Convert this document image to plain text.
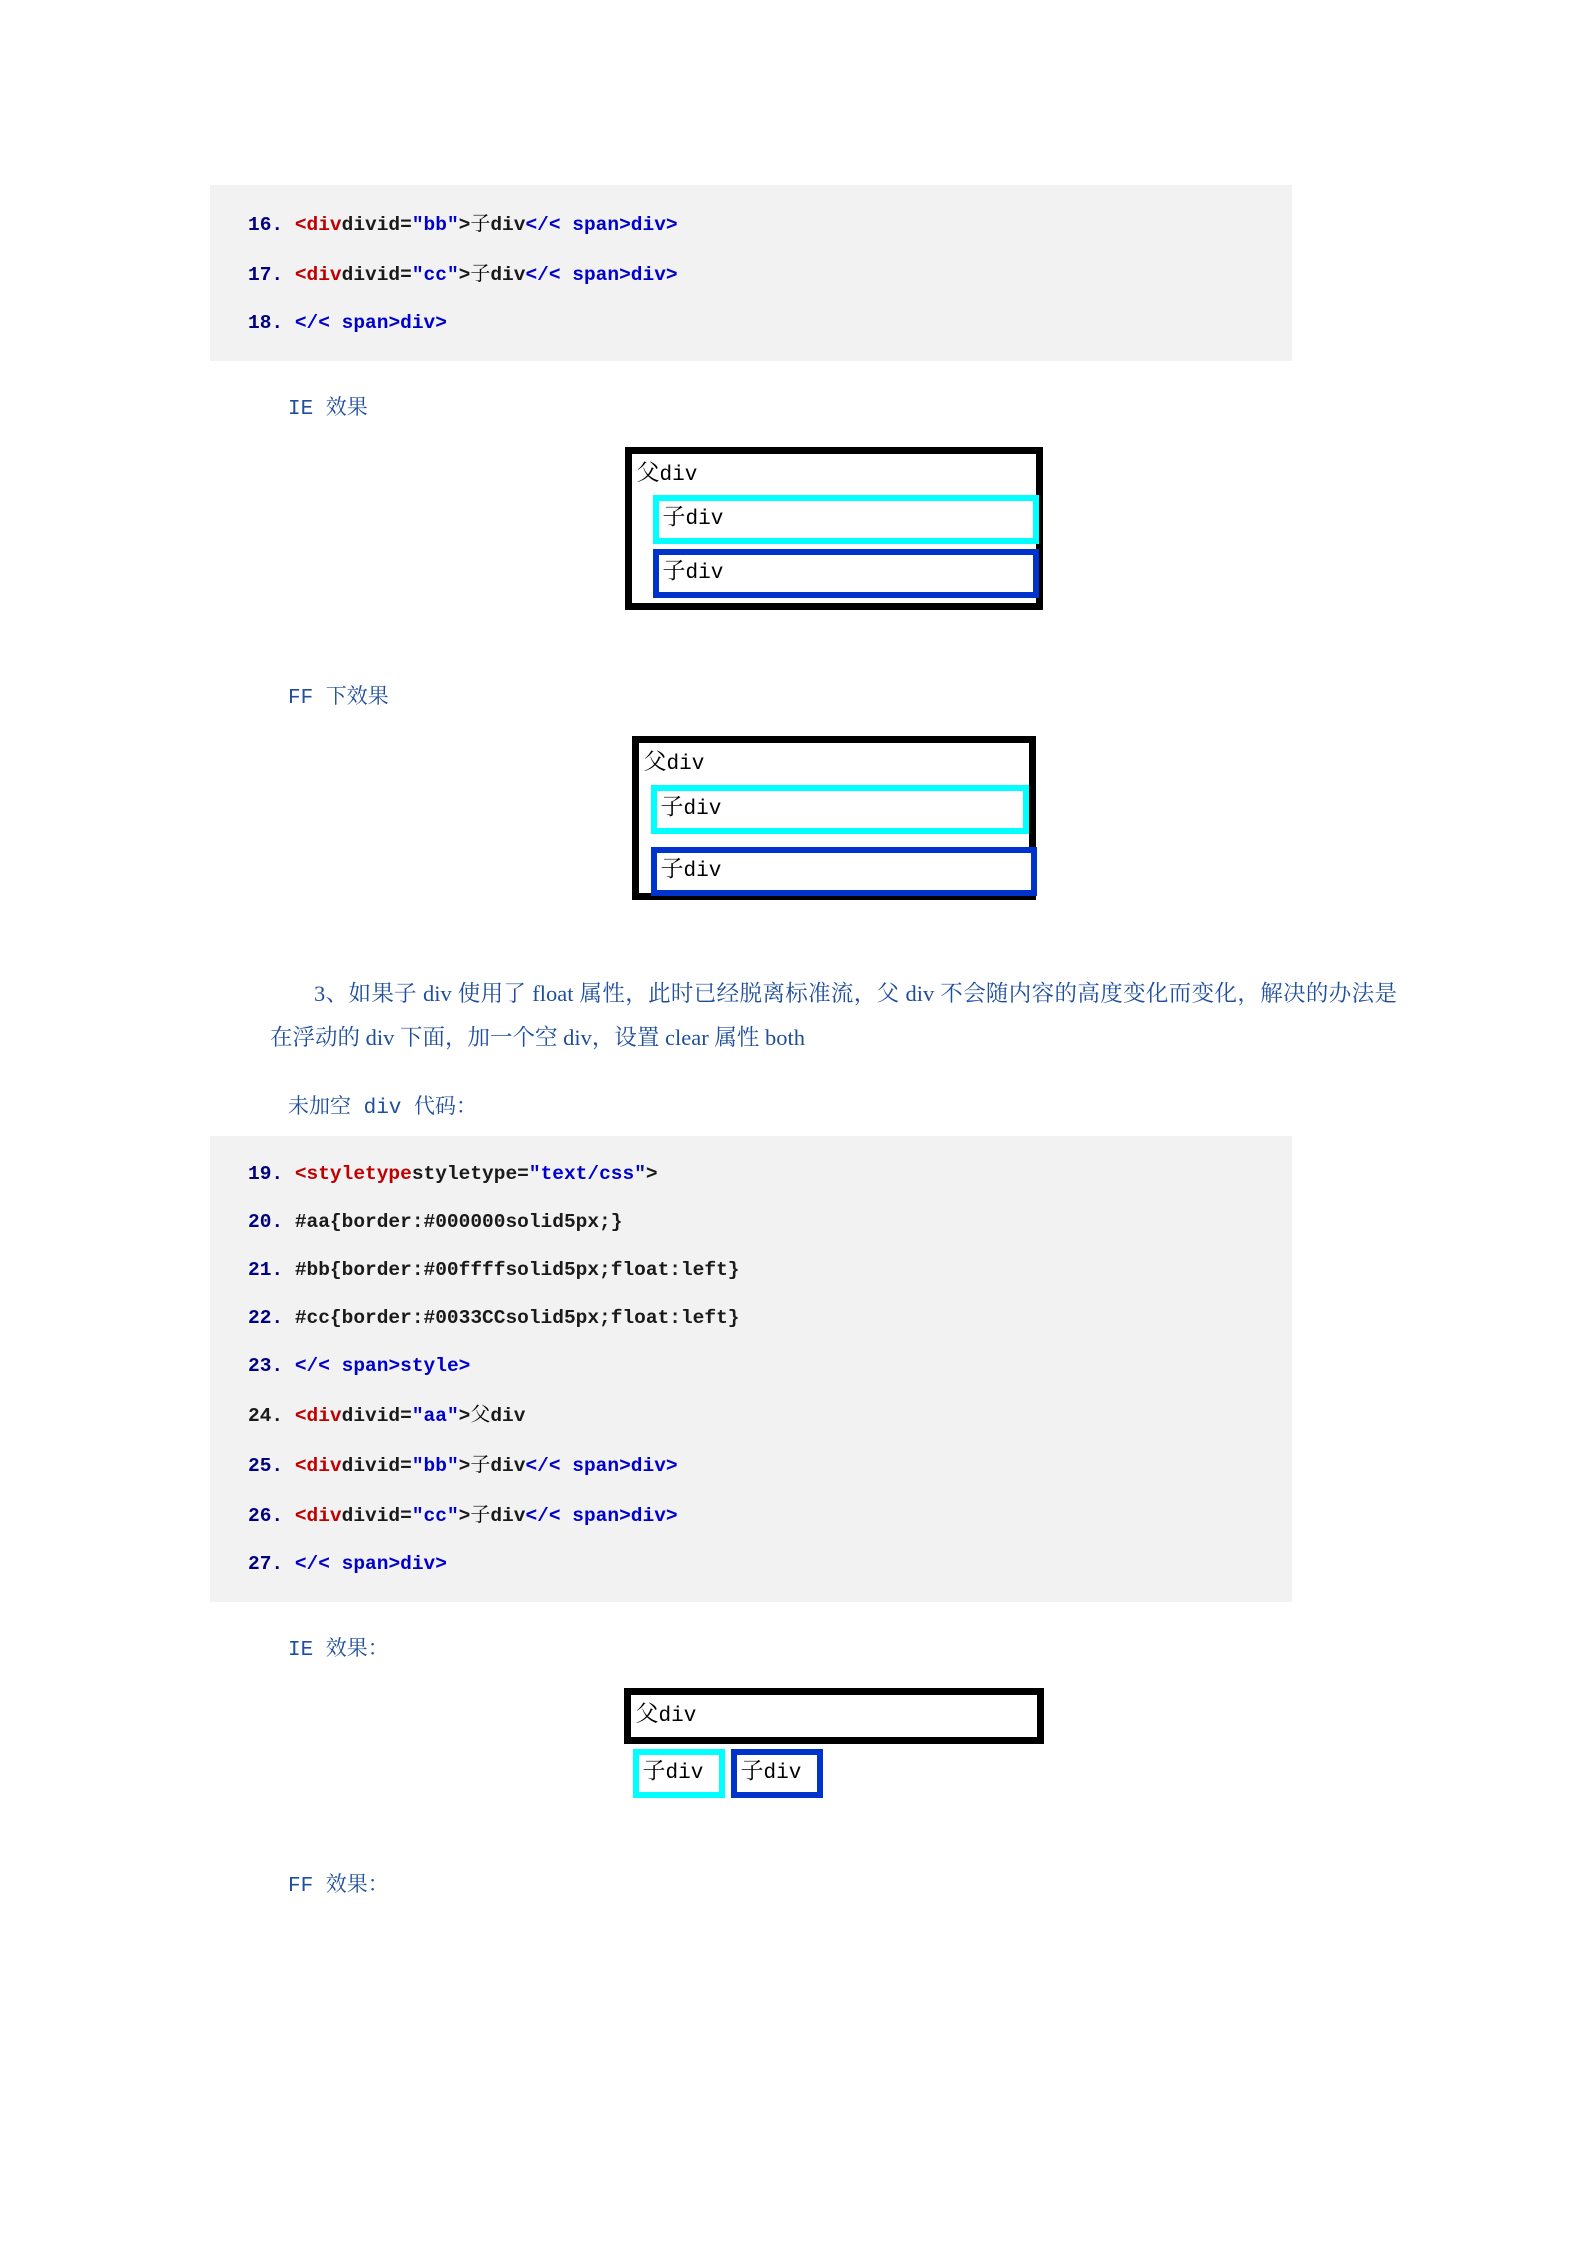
16. <divdivid="bb">子div</< span>div>
17. <divdivid="cc">子div</< span>div>
18. </< span>div>
IE 效果
父div
子div
子div
FF 下效果
父div
子div
子div
3、如果子 div 使用了 float 属性，此时已经脱离标准流，父 div 不会随内容的高度变化而变化，解决的办法是在浮动的 div 下面，加一个空 div，设置 clear 属性 both
未加空 div 代码：
19. <styletypestyletype="text/css">
20. #aa{border:#000000solid5px;}
21. #bb{border:#00ffffsolid5px;float:left}
22. #cc{border:#0033CCsolid5px;float:left}
23. </< span>style>
24. <divdivid="aa">父div
25. <divdivid="bb">子div</< span>div>
26. <divdivid="cc">子div</< span>div>
27. </< span>div>
IE 效果：
父div
子div	子div
FF 效果：
